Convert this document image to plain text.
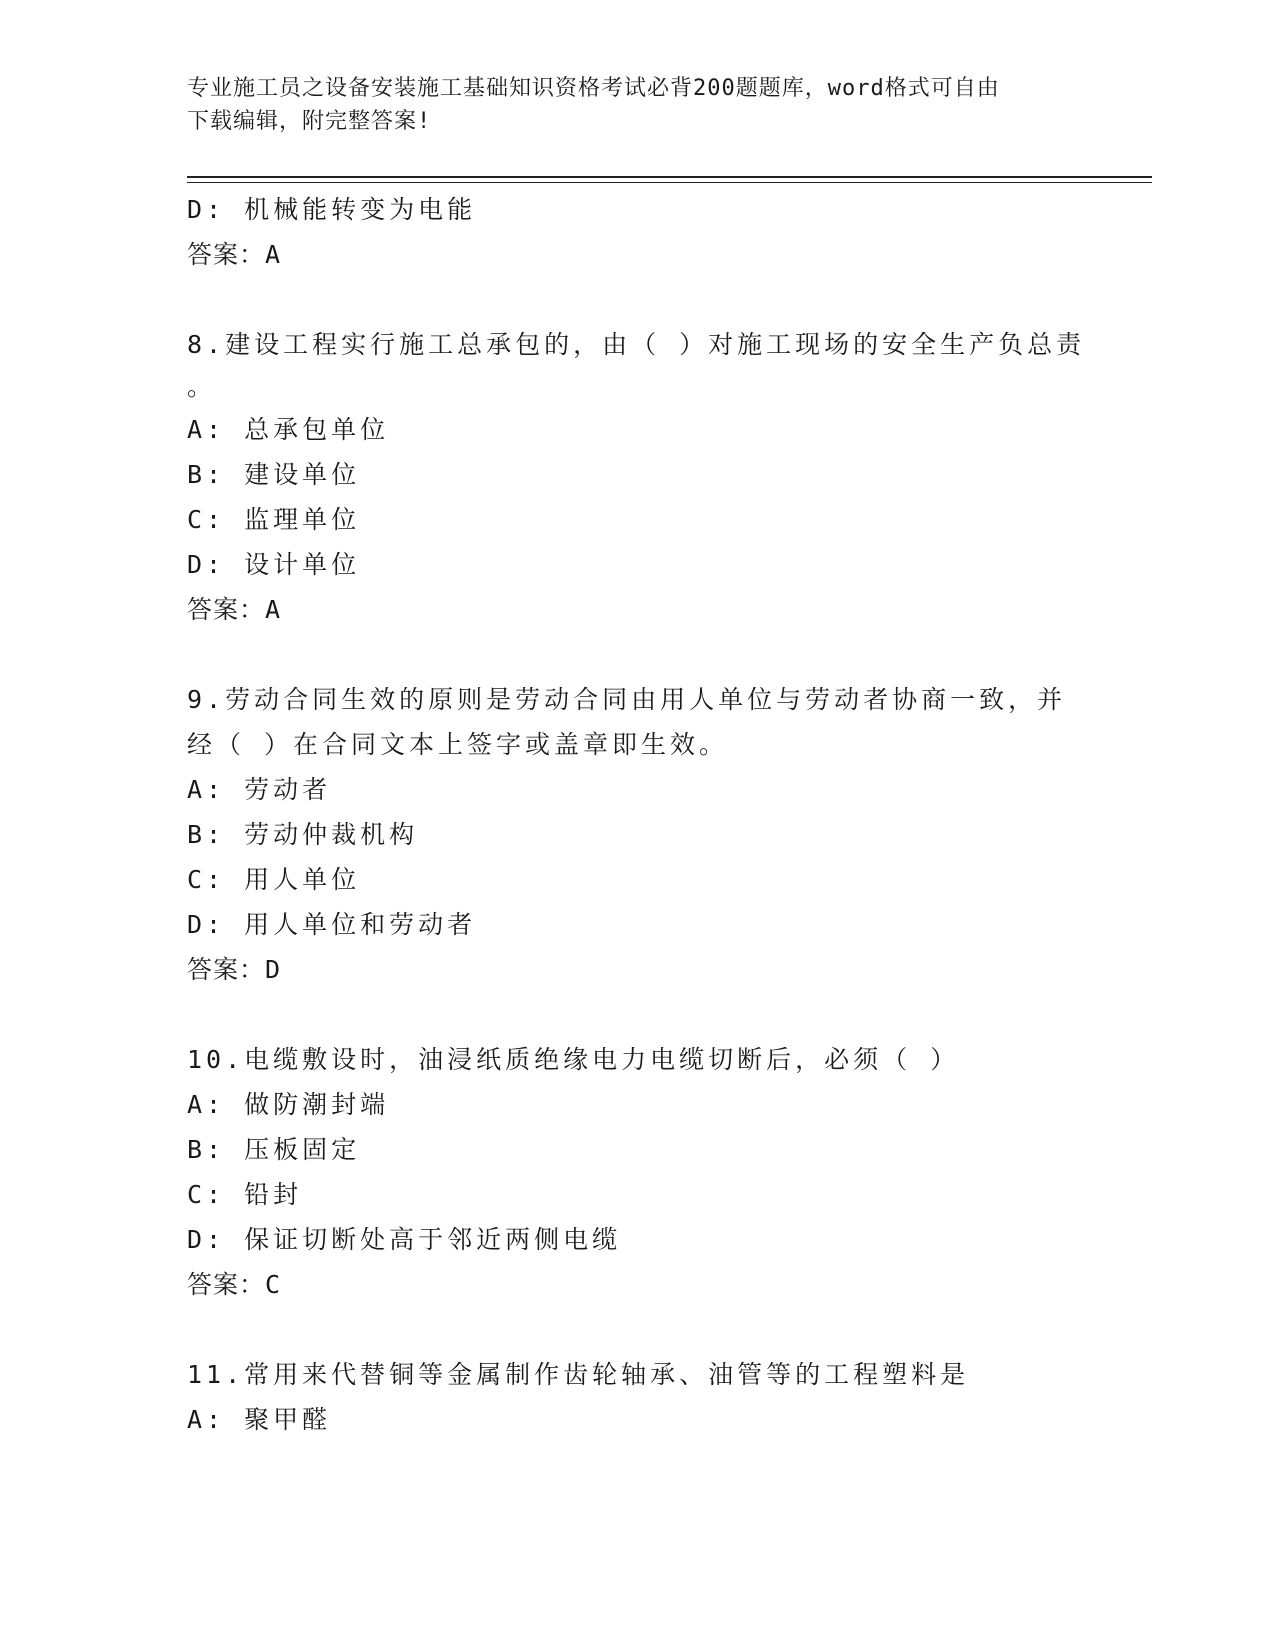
专业施工员之设备安装施工基础知识资格考试必背200题题库，word格式可自由
下载编辑，附完整答案!
D: 机械能转变为电能
答案：A
8.建设工程实行施工总承包的，由（ ）对施工现场的安全生产负总责
。
A: 总承包单位
B: 建设单位
C: 监理单位
D: 设计单位
答案：A
9.劳动合同生效的原则是劳动合同由用人单位与劳动者协商一致，并
经（ ）在合同文本上签字或盖章即生效。
A: 劳动者
B: 劳动仲裁机构
C: 用人单位
D: 用人单位和劳动者
答案：D
10.电缆敷设时，油浸纸质绝缘电力电缆切断后，必须（ ）
A: 做防潮封端
B: 压板固定
C: 铅封
D: 保证切断处高于邻近两侧电缆
答案：C
11.常用来代替铜等金属制作齿轮轴承、油管等的工程塑料是
A: 聚甲醛
